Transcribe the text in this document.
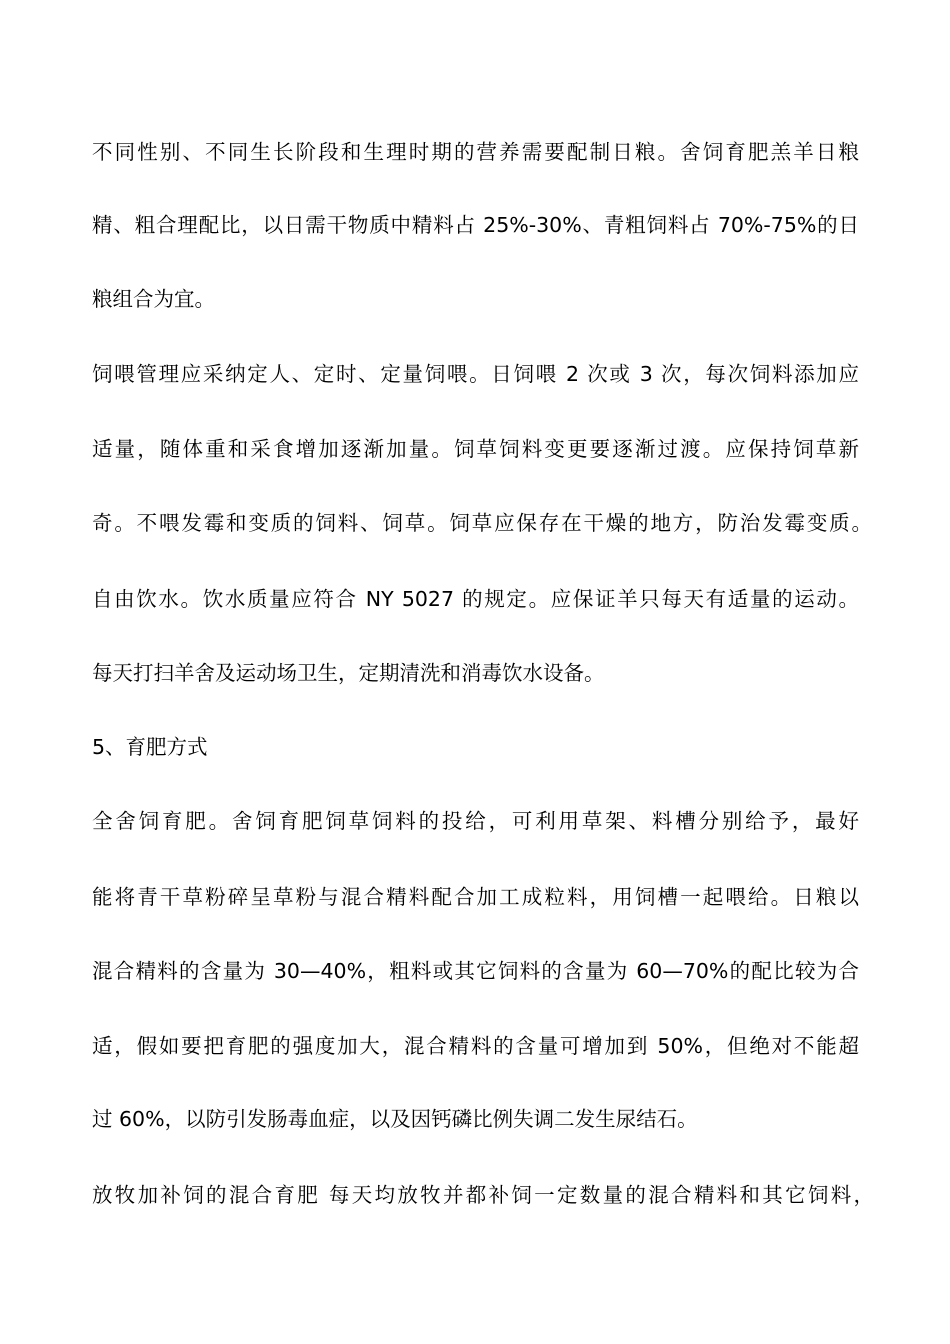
不同性别、不同生长阶段和生理时期的营养需要配制日粮。舍饲育肥羔羊日粮
精、粗合理配比，以日需干物质中精料占 25%-30%、青粗饲料占 70%-75%的日
粮组合为宜。
饲喂管理应采纳定人、定时、定量饲喂。日饲喂 2 次或 3 次，每次饲料添加应
适量，随体重和采食增加逐渐加量。饲草饲料变更要逐渐过渡。应保持饲草新
奇。不喂发霉和变质的饲料、饲草。饲草应保存在干燥的地方，防治发霉变质。
自由饮水。饮水质量应符合 NY 5027 的规定。应保证羊只每天有适量的运动。
每天打扫羊舍及运动场卫生，定期清洗和消毒饮水设备。
5、育肥方式
全舍饲育肥。舍饲育肥饲草饲料的投给，可利用草架、料槽分别给予，最好
能将青干草粉碎呈草粉与混合精料配合加工成粒料，用饲槽一起喂给。日粮以
混合精料的含量为 30—40%，粗料或其它饲料的含量为 60—70%的配比较为合
适，假如要把育肥的强度加大，混合精料的含量可增加到 50%，但绝对不能超
过 60%，以防引发肠毒血症，以及因钙磷比例失调二发生尿结石。
放牧加补饲的混合育肥 每天均放牧并都补饲一定数量的混合精料和其它饲料，
